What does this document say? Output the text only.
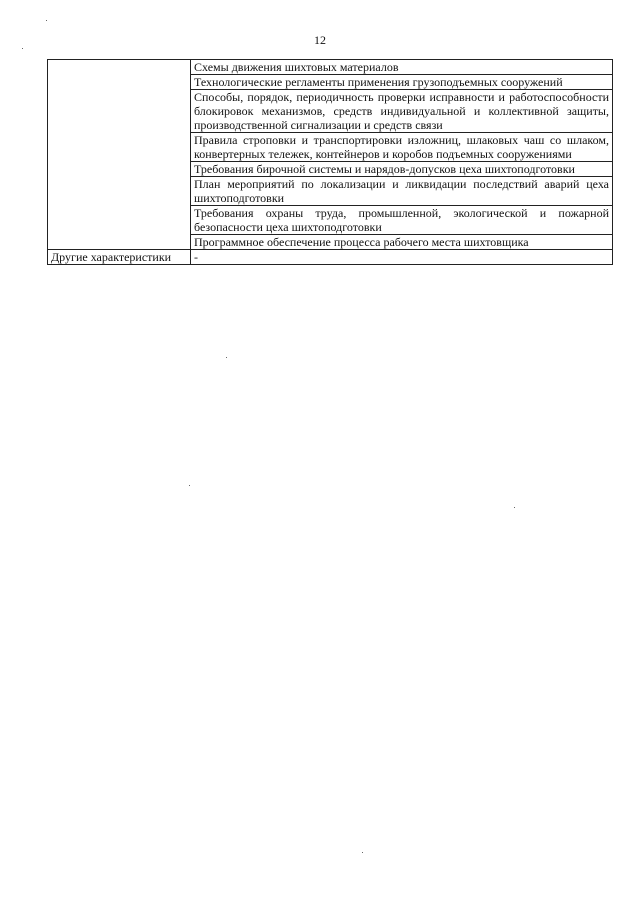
12

	Схемы движения шихтовых материалов

	Технологические регламенты применения грузоподъемных сооружений

	Способы, порядок, периодичность проверки исправности и работоспособности блокировок механизмов, средств индивидуальной и коллективной защиты, производственной сигнализации и средств связи

	Правила строповки и транспортировки изложниц, шлаковых чаш со шлаком, конвертерных тележек, контейнеров и коробов подъемных сооружениями

	Требования бирочной системы и нарядов-допусков цеха шихтоподготовки

	План мероприятий по локализации и ликвидации последствий аварий цеха шихтоподготовки

	Требования охраны труда, промышленной, экологической и пожарной безопасности цеха шихтоподготовки

	Программное обеспечение процесса рабочего места шихтовщика

Другие характеристики	-
